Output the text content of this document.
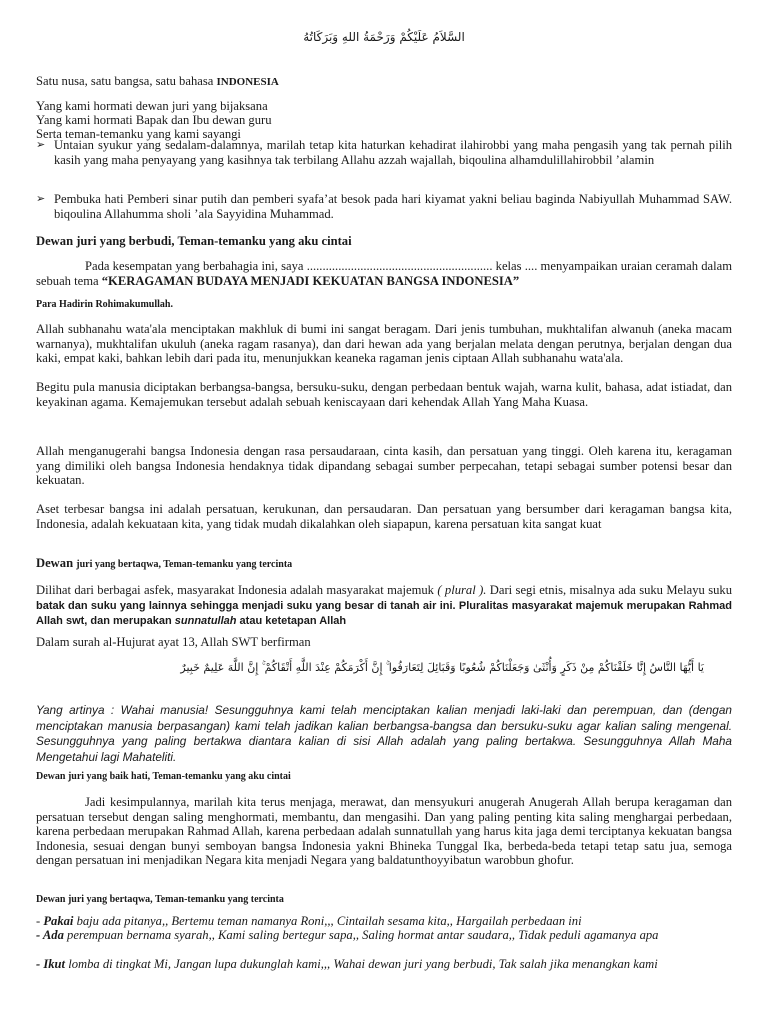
السَّلاَمُ عَلَيْكُمْ وَرَحْمَةُ اللهِ وَبَرَكَاتُهُ

Satu nusa, satu bangsa, satu bahasa INDONESIA

Yang kami hormati dewan juri yang bijaksana

Yang kami hormati Bapak dan Ibu dewan guru

Serta teman-temanku yang kami sayangi

➢ Untaian syukur yang sedalam-dalamnya, marilah tetap kita haturkan kehadirat ilahirobbi yang maha pengasih yang tak pernah pilih kasih yang maha penyayang yang kasihnya tak terbilang Allahu azzah wajallah, biqoulina alhamdulillahirobbil ’alamin
➢ Pembuka hati Pemberi sinar putih dan pemberi syafa’at besok pada hari kiyamat yakni beliau baginda Nabiyullah Muhammad SAW. biqoulina Allahumma sholi ’ala Sayyidina Muhammad.

Dewan juri yang berbudi, Teman-temanku yang aku cintai

Pada kesempatan yang berbahagia ini, saya ........................................................... kelas .... menyampaikan uraian ceramah dalam sebuah tema “KERAGAMAN BUDAYA MENJADI KEKUATAN BANGSA INDONESIA”

Para Hadirin Rohimakumullah.

Allah subhanahu wata'ala menciptakan makhluk di bumi ini sangat beragam. Dari jenis tumbuhan, mukhtalifan alwanuh (aneka macam warnanya), mukhtalifan ukuluh (aneka ragam rasanya), dan dari hewan ada yang berjalan melata dengan perutnya, berjalan dengan dua kaki, empat kaki, bahkan lebih dari pada itu, menunjukkan keaneka ragaman jenis ciptaan Allah subhanahu wata'ala.

Begitu pula manusia diciptakan berbangsa-bangsa, bersuku-suku, dengan perbedaan bentuk wajah, warna kulit, bahasa, adat istiadat, dan keyakinan agama. Kemajemukan tersebut adalah sebuah keniscayaan dari kehendak Allah Yang Maha Kuasa.

Allah menganugerahi bangsa Indonesia dengan rasa persaudaraan, cinta kasih, dan persatuan yang tinggi. Oleh karena itu, keragaman yang dimiliki oleh bangsa Indonesia hendaknya tidak dipandang sebagai sumber perpecahan, tetapi sebagai sumber potensi besar dan kekuatan.

Aset terbesar bangsa ini adalah persatuan, kerukunan, dan persaudaran. Dan persatuan yang bersumber dari keragaman bangsa kita, Indonesia, adalah kekuataan kita, yang tidak mudah dikalahkan oleh siapapun, karena persatuan kita sangat kuat

Dewan juri yang bertaqwa, Teman-temanku yang tercinta

Dilihat dari berbagai asfek, masyarakat Indonesia adalah masyarakat majemuk ( plural ). Dari segi etnis, misalnya ada suku Melayu suku batak dan suku yang lainnya sehingga menjadi suku yang besar di tanah air ini. Pluralitas masyarakat majemuk merupakan Rahmad Allah swt, dan merupakan sunnatullah atau ketetapan Allah

Dalam surah al-Hujurat ayat 13, Allah SWT berfirman

يَا أَيُّهَا النَّاسُ إِنَّا خَلَقْنَاكُمْ مِنْ ذَكَرٍ وَأُنْثَىٰ وَجَعَلْنَاكُمْ شُعُوبًا وَقَبَائِلَ لِتَعَارَفُوا ۚ إِنَّ أَكْرَمَكُمْ عِنْدَ اللَّهِ أَتْقَاكُمْ ۚ إِنَّ اللَّهَ عَلِيمٌ خَبِيرٌ

Yang artinya : Wahai manusia! Sesungguhnya kami telah menciptakan kalian menjadi laki-laki dan perempuan, dan (dengan menciptakan manusia berpasangan) kami telah jadikan kalian berbangsa-bangsa dan bersuku-suku agar kalian saling mengenal. Sesungguhnya yang paling bertakwa diantara kalian di sisi Allah adalah yang paling bertakwa. Sesungguhnya Allah Maha Mengetahui lagi Mahateliti.

Dewan juri yang baik hati, Teman-temanku yang aku cintai

Jadi kesimpulannya, marilah kita terus menjaga, merawat, dan mensyukuri anugerah Anugerah Allah berupa keragaman dan persatuan tersebut dengan saling menghormati, membantu, dan mengasihi. Dan yang paling penting kita saling menghargai perbedaan, karena perbedaan merupakan Rahmad Allah, karena perbedaan adalah sunnatullah yang harus kita jaga demi terciptanya kekuatan bangsa Indonesia, sesuai dengan bunyi semboyan bangsa Indonesia yakni Bhineka Tunggal Ika, berbeda-beda tetapi tetap satu jua, semoga dengan persatuan ini menjadikan Negara kita menjadi Negara yang baldatunthoyyibatun warobbun ghofur.

Dewan juri yang bertaqwa, Teman-temanku yang tercinta

- Pakai baju ada pitanya,, Bertemu teman namanya Roni,,, Cintailah sesama kita,, Hargailah perbedaan ini

- Ada perempuan bernama syarah,, Kami saling bertegur sapa,, Saling hormat antar saudara,, Tidak peduli agamanya apa

- Ikut lomba di tingkat Mi, Jangan lupa dukunglah kami,,, Wahai dewan juri yang berbudi, Tak salah jika menangkan kami
